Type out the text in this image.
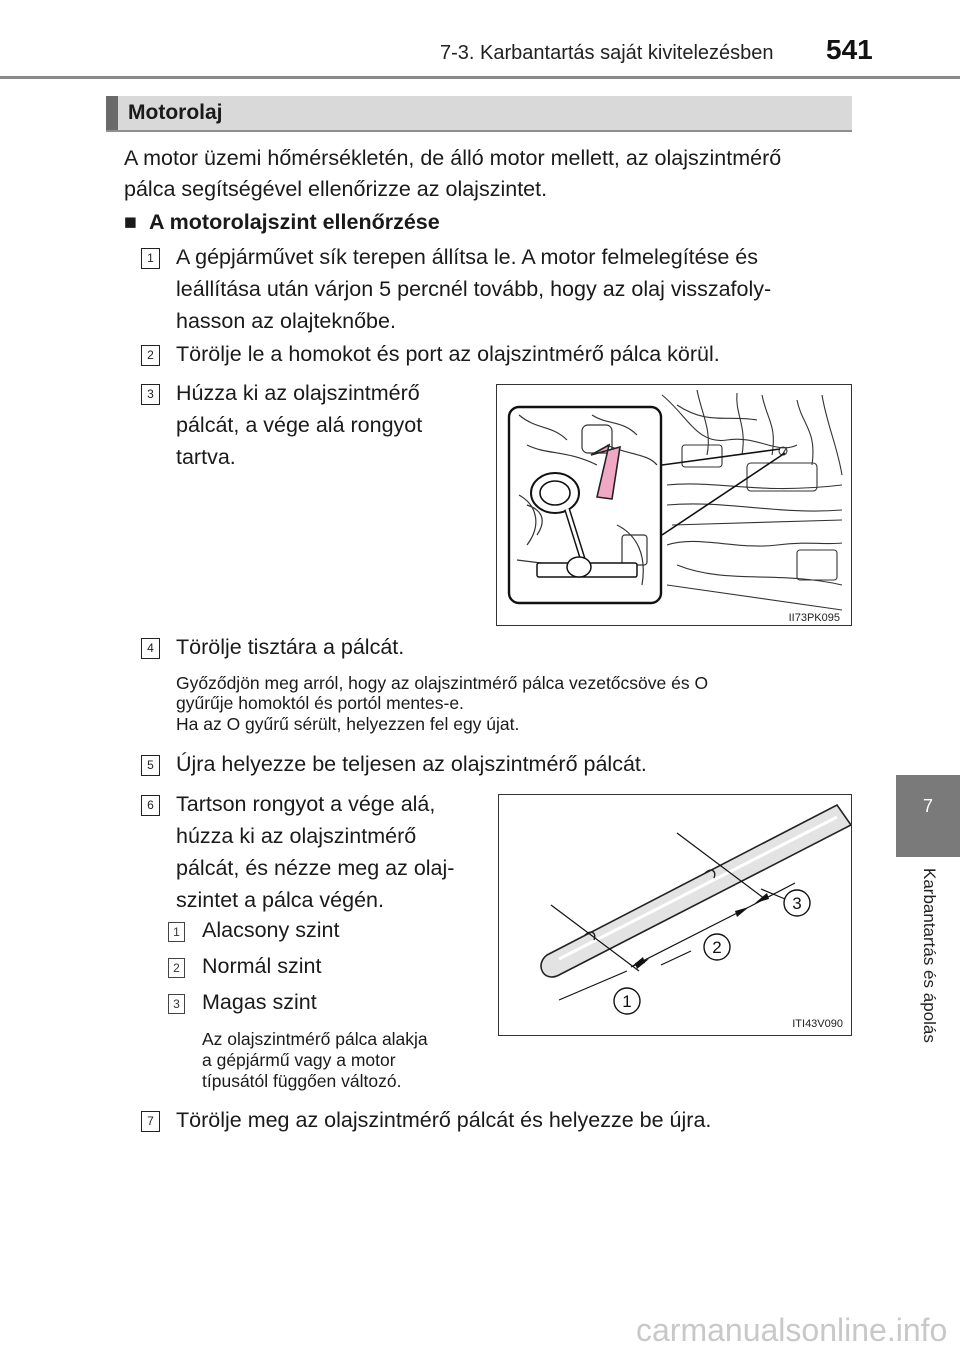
7-3. Karbantartás saját kivitelezésben 541
Motorolaj
A motor üzemi hőmérsékletén, de álló motor mellett, az olajszintmérő
pálca segítségével ellenőrizze az olajszintet.
■ A motorolajszint ellenőrzése
1 A gépjárművet sík terepen állítsa le. A motor felmelegítése és
leállítása után várjon 5 percnél tovább, hogy az olaj visszafoly-
hasson az olajteknőbe.
2 Törölje le a homokot és port az olajszintmérő pálca körül.
3 Húzza ki az olajszintmérő
pálcát, a vége alá rongyot
tartva.
II73PK095
4 Törölje tisztára a pálcát.
Győződjön meg arról, hogy az olajszintmérő pálca vezetőcsöve és O
gyűrűje homoktól és portól mentes-e.
Ha az O gyűrű sérült, helyezzen fel egy újat.
5 Újra helyezze be teljesen az olajszintmérő pálcát.
6 Tartson rongyot a vége alá,
húzza ki az olajszintmérő
pálcát, és nézze meg az olaj-
szintet a pálca végén.
1 Alacsony szint
2 Normál szint
3 Magas szint
Az olajszintmérő pálca alakja
a gépjármű vagy a motor
típusától függően változó.
1
2
3
ITI43V090
7 Törölje meg az olajszintmérő pálcát és helyezze be újra.
7
Karbantartás és ápolás
carmanualsonline.info
